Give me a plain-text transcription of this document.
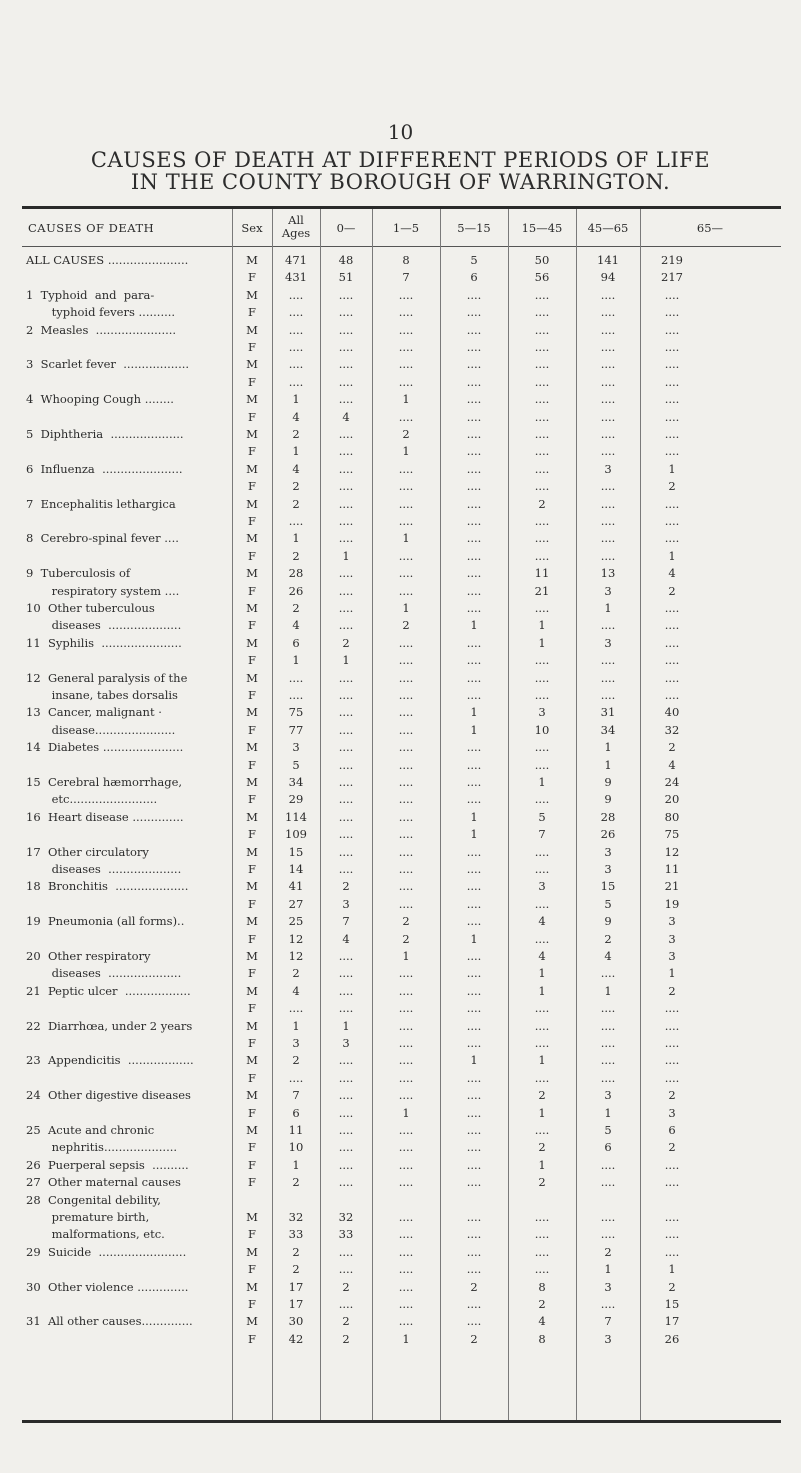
10
CAUSES OF DEATH AT DIFFERENT PERIODS OF LIFE
IN THE COUNTY BOROUGH OF WARRINGTON.
CAUSES OF DEATH	Sex
All
Ages	0—	1—5	5—15	15—45	45—65	65—
ALL CAUSES ......................	M	471	48	8	5	50	141	219
F	431	51	7	6	56	94	217
1  Typhoid  and  para-	M	....	....	....	....	....	....	....
typhoid fevers ..........	F	....	....	....	....	....	....	....
2  Measles  ......................	M	....	....	....	....	....	....	....
F	....	....	....	....	....	....	....
3  Scarlet fever  ..................	M	....	....	....	....	....	....	....
F	....	....	....	....	....	....	....
4  Whooping Cough ........	M	1	....	1	....	....	....	....
F	4	4	....	....	....	....	....
5  Diphtheria  ....................	M	2	....	2	....	....	....	....
F	1	....	1	....	....	....	....
6  Influenza  ......................	M	4	....	....	....	....	3	1
F	2	....	....	....	....	....	2
7  Encephalitis lethargica	M	2	....	....	....	2	....	....
F	....	....	....	....	....	....	....
8  Cerebro-spinal fever ....	M	1	....	1	....	....	....	....
F	2	1	....	....	....	....	1
9  Tuberculosis of	M	28	....	....	....	11	13	4
respiratory system ....	F	26	....	....	....	21	3	2
10  Other tuberculous	M	2	....	1	....	....	1	....
diseases  ....................	F	4	....	2	1	1	....	....
11  Syphilis  ......................	M	6	2	....	....	1	3	....
F	1	1	....	....	....	....	....
12  General paralysis of the	M	....	....	....	....	....	....	....
insane, tabes dorsalis	F	....	....	....	....	....	....	....
13  Cancer, malignant ·	M	75	....	....	1	3	31	40
disease......................	F	77	....	....	1	10	34	32
14  Diabetes ......................	M	3	....	....	....	....	1	2
F	5	....	....	....	....	1	4
15  Cerebral hæmorrhage,	M	34	....	....	....	1	9	24
etc........................	F	29	....	....	....	....	9	20
16  Heart disease ..............	M	114	....	....	1	5	28	80
F	109	....	....	1	7	26	75
17  Other circulatory	M	15	....	....	....	....	3	12
diseases  ....................	F	14	....	....	....	....	3	11
18  Bronchitis  ....................	M	41	2	....	....	3	15	21
F	27	3	....	....	....	5	19
19  Pneumonia (all forms)..	M	25	7	2	....	4	9	3
F	12	4	2	1	....	2	3
20  Other respiratory	M	12	....	1	....	4	4	3
diseases  ....................	F	2	....	....	....	1	....	1
21  Peptic ulcer  ..................	M	4	....	....	....	1	1	2
F	....	....	....	....	....	....	....
22  Diarrhœa, under 2 years	M	1	1	....	....	....	....	....
F	3	3	....	....	....	....	....
23  Appendicitis  ..................	M	2	....	....	1	1	....	....
F	....	....	....	....	....	....	....
24  Other digestive diseases	M	7	....	....	....	2	3	2
F	6	....	1	....	1	1	3
25  Acute and chronic	M	11	....	....	....	....	5	6
nephritis....................	F	10	....	....	....	2	6	2
26  Puerperal sepsis  ..........	F	1	....	....	....	1	....	....
27  Other maternal causes	F	2	....	....	....	2	....	....
28  Congenital debility,
premature birth,	M	32	32	....	....	....	....	....
malformations, etc.	F	33	33	....	....	....	....	....
29  Suicide  ........................	M	2	....	....	....	....	2	....
F	2	....	....	....	....	1	1
30  Other violence ..............	M	17	2	....	2	8	3	2
F	17	....	....	....	2	....	15
31  All other causes..............	M	30	2	....	....	4	7	17
F	42	2	1	2	8	3	26
